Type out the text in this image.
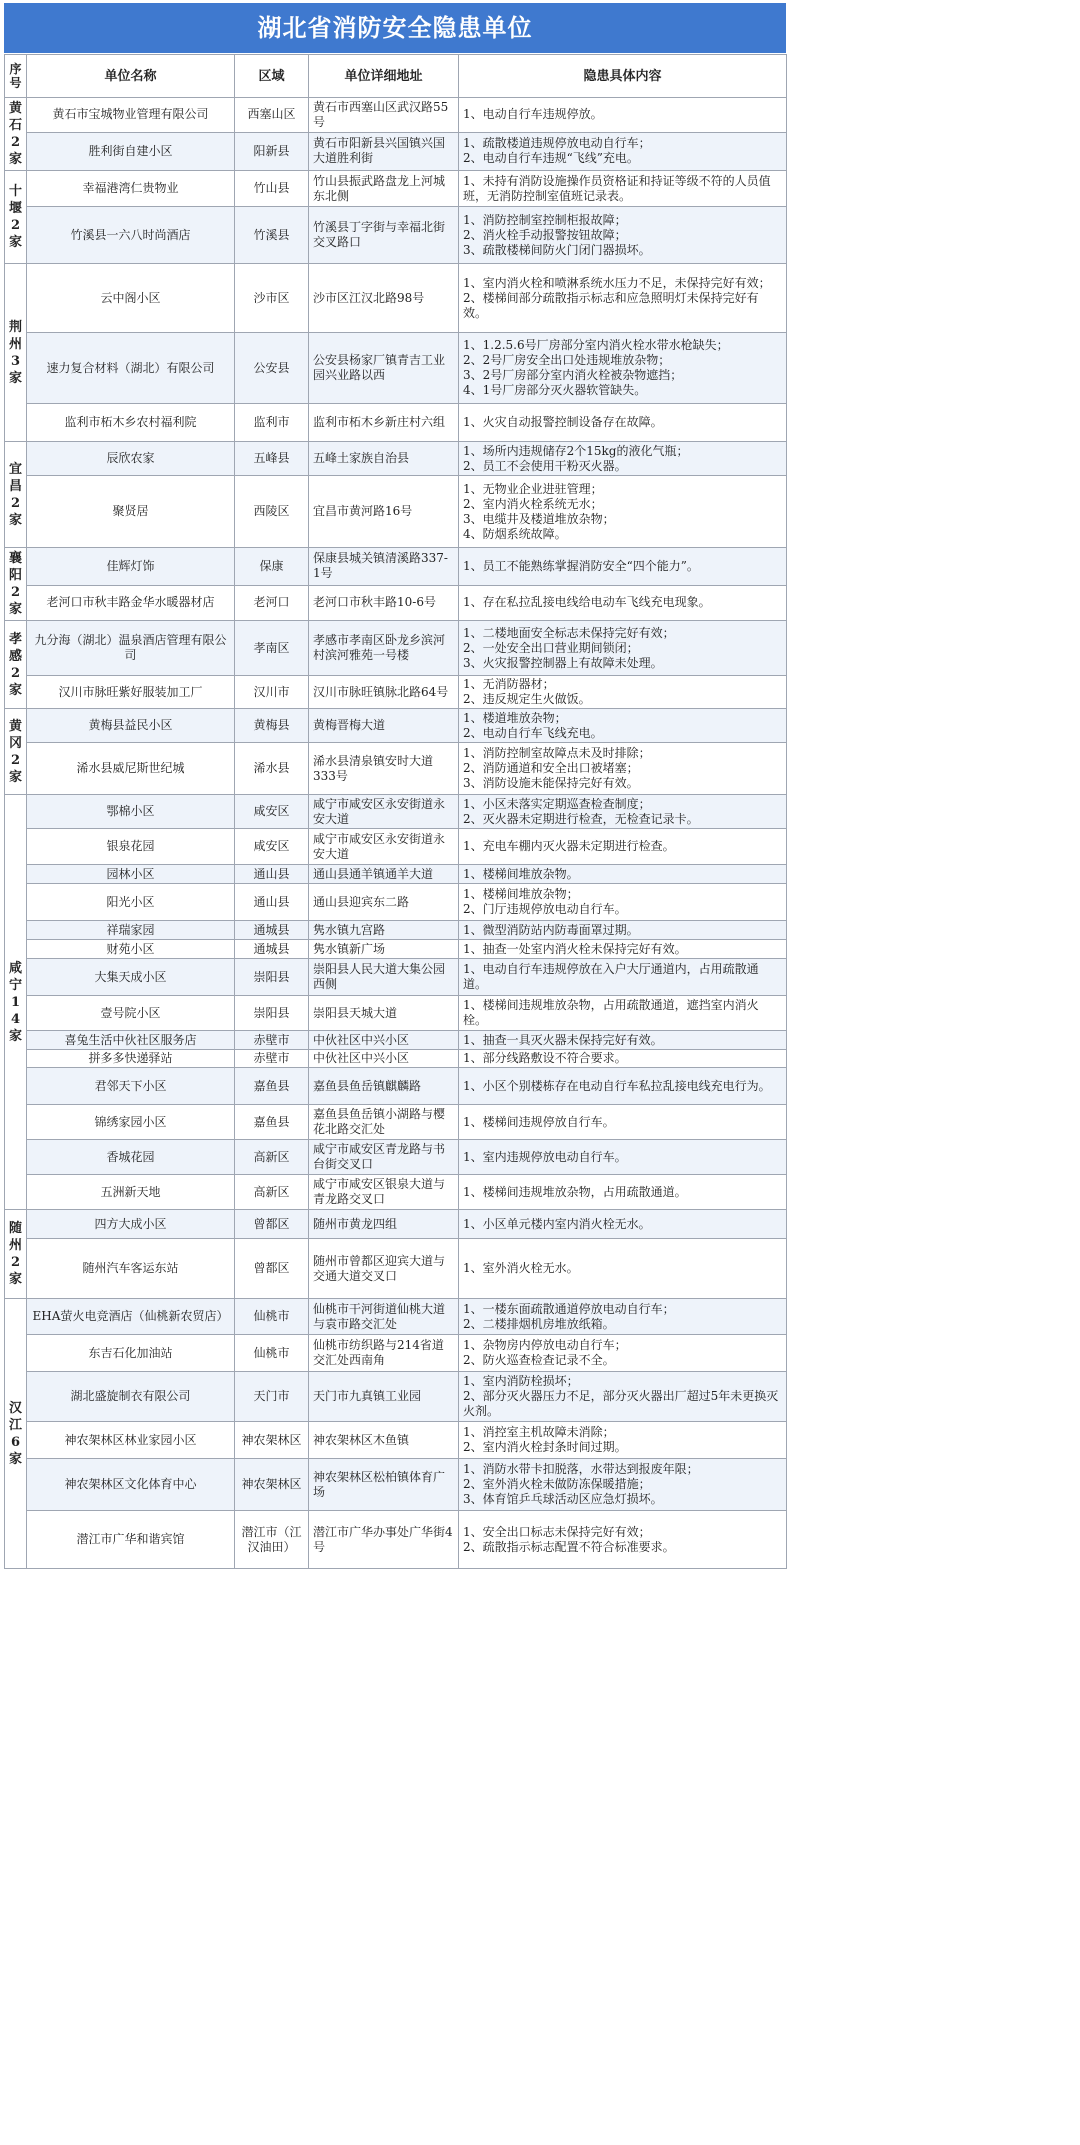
湖北省消防安全隐患单位
序号	单位名称	区域	单位详细地址	隐患具体内容
黄石2家	黄石市宝城物业管理有限公司	西塞山区	黄石市西塞山区武汉路55号	1、电动自行车违规停放。

	胜利街自建小区	阳新县	黄石市阳新县兴国镇兴国大道胜利街	1、疏散楼道违规停放电动自行车；
2、电动自行车违规“飞线”充电。

十堰2家	幸福港湾仁贵物业	竹山县	竹山县振武路盘龙上河城东北侧	1、未持有消防设施操作员资格证和持证等级不符的人员值班，无消防控制室值班记录表。

	竹溪县一六八时尚酒店	竹溪县	竹溪县丁字街与幸福北街交叉路口	1、消防控制室控制柜报故障；
2、消火栓手动报警按钮故障；
3、疏散楼梯间防火门闭门器损坏。

荆州3家	云中阁小区	沙市区	沙市区江汉北路98号	1、室内消火栓和喷淋系统水压力不足，未保持完好有效；
2、楼梯间部分疏散指示标志和应急照明灯未保持完好有效。

	速力复合材料（湖北）有限公司	公安县	公安县杨家厂镇青吉工业园兴业路以西	1、1.2.5.6号厂房部分室内消火栓水带水枪缺失；
2、2号厂房安全出口处违规堆放杂物；
3、2号厂房部分室内消火栓被杂物遮挡；
4、1号厂房部分灭火器软管缺失。

	监利市柘木乡农村福利院	监利市	监利市柘木乡新庄村六组	1、火灾自动报警控制设备存在故障。

宜昌2家	辰欣农家	五峰县	五峰土家族自治县	1、场所内违规储存2个15kg的液化气瓶；
2、员工不会使用干粉灭火器。

	聚贤居	西陵区	宜昌市黄河路16号	1、无物业企业进驻管理；
2、室内消火栓系统无水；
3、电缆井及楼道堆放杂物；
4、防烟系统故障。

襄阳2家	佳辉灯饰	保康	保康县城关镇清溪路337-1号	1、员工不能熟练掌握消防安全“四个能力”。

	老河口市秋丰路金华水暖器材店	老河口	老河口市秋丰路10-6号	1、存在私拉乱接电线给电动车飞线充电现象。

孝感2家	九分海（湖北）温泉酒店管理有限公司	孝南区	孝感市孝南区卧龙乡滨河村滨河雅苑一号楼	1、二楼地面安全标志未保持完好有效；
2、一处安全出口营业期间锁闭；
3、火灾报警控制器上有故障未处理。

	汉川市脉旺紫好服装加工厂	汉川市	汉川市脉旺镇脉北路64号	1、无消防器材；
2、违反规定生火做饭。

黄冈2家	黄梅县益民小区	黄梅县	黄梅晋梅大道	1、楼道堆放杂物；
2、电动自行车飞线充电。

	浠水县威尼斯世纪城	浠水县	浠水县清泉镇安时大道333号	1、消防控制室故障点未及时排除；
2、消防通道和安全出口被堵塞；
3、消防设施未能保持完好有效。

咸宁14家	鄂棉小区	咸安区	咸宁市咸安区永安街道永安大道	1、小区未落实定期巡查检查制度；
2、灭火器未定期进行检查，无检查记录卡。

	银泉花园	咸安区	咸宁市咸安区永安街道永安大道	1、充电车棚内灭火器未定期进行检查。

	园林小区	通山县	通山县通羊镇通羊大道	1、楼梯间堆放杂物。

	阳光小区	通山县	通山县迎宾东二路	1、楼梯间堆放杂物；
2、门厅违规停放电动自行车。

	祥瑞家园	通城县	隽水镇九宫路	1、微型消防站内防毒面罩过期。

	财苑小区	通城县	隽水镇新广场	1、抽查一处室内消火栓未保持完好有效。

	大集天成小区	崇阳县	崇阳县人民大道大集公园西侧	1、电动自行车违规停放在入户大厅通道内，占用疏散通道。

	壹号院小区	崇阳县	崇阳县天城大道	1、楼梯间违规堆放杂物，占用疏散通道，遮挡室内消火栓。

	喜兔生活中伙社区服务店	赤壁市	中伙社区中兴小区	1、抽查一具灭火器未保持完好有效。

	拼多多快递驿站	赤壁市	中伙社区中兴小区	1、部分线路敷设不符合要求。

	君邻天下小区	嘉鱼县	嘉鱼县鱼岳镇麒麟路	1、小区个别楼栋存在电动自行车私拉乱接电线充电行为。

	锦绣家园小区	嘉鱼县	嘉鱼县鱼岳镇小湖路与樱花北路交汇处	1、楼梯间违规停放自行车。

	香城花园	高新区	咸宁市咸安区青龙路与书台街交叉口	1、室内违规停放电动自行车。

	五洲新天地	高新区	咸宁市咸安区银泉大道与青龙路交叉口	1、楼梯间违规堆放杂物，占用疏散通道。

随州2家	四方大成小区	曾都区	随州市黄龙四组	1、小区单元楼内室内消火栓无水。

	随州汽车客运东站	曾都区	随州市曾都区迎宾大道与交通大道交叉口	1、室外消火栓无水。

汉江6家	EHA萤火电竞酒店（仙桃新农贸店）	仙桃市	仙桃市干河街道仙桃大道与袁市路交汇处	1、一楼东面疏散通道停放电动自行车；
2、二楼排烟机房堆放纸箱。

	东吉石化加油站	仙桃市	仙桃市纺织路与214省道交汇处西南角	1、杂物房内停放电动自行车；
2、防火巡查检查记录不全。

	湖北盛旋制衣有限公司	天门市	天门市九真镇工业园	1、室内消防栓损坏；
2、部分灭火器压力不足，部分灭火器出厂超过5年未更换灭火剂。

	神农架林区林业家园小区	神农架林区	神农架林区木鱼镇	1、消控室主机故障未消除；
2、室内消火栓封条时间过期。

	神农架林区文化体育中心	神农架林区	神农架林区松柏镇体育广场	1、消防水带卡扣脱落，水带达到报废年限；
2、室外消火栓未做防冻保暖措施；
3、体育馆乒乓球活动区应急灯损坏。

	潜江市广华和谐宾馆	潜江市（江汉油田）	潜江市广华办事处广华街4号	1、安全出口标志未保持完好有效；
2、疏散指示标志配置不符合标准要求。
